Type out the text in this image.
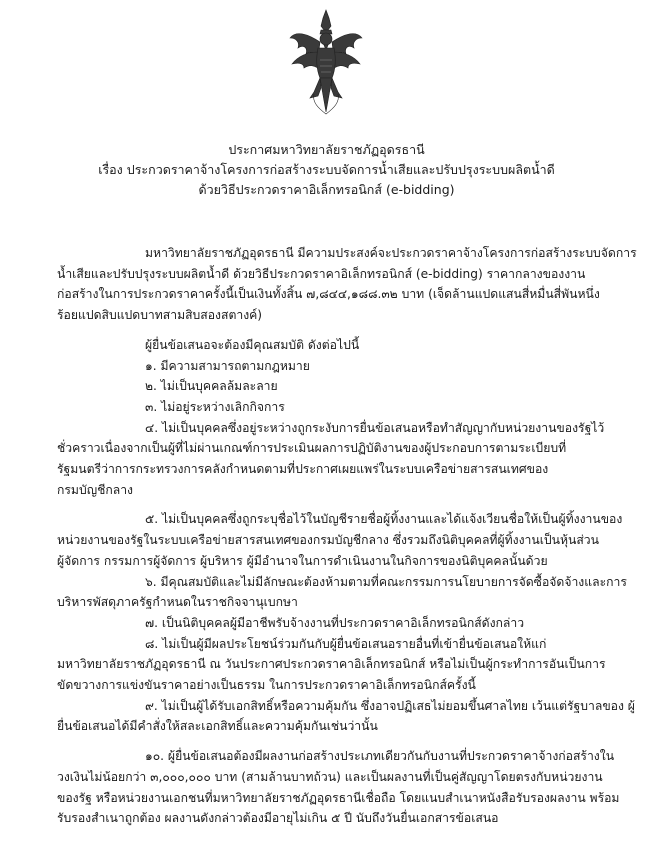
ประกาศมหาวิทยาลัยราชภัฏอุดรธานี
เรื่อง ประกวดราคาจ้างโครงการก่อสร้างระบบจัดการน้ำเสียและปรับปรุงระบบผลิตน้ำดี
ด้วยวิธีประกวดราคาอิเล็กทรอนิกส์ (e-bidding)

มหาวิทยาลัยราชภัฏอุดรธานี มีความประสงค์จะประกวดราคาจ้างโครงการก่อสร้างระบบจัดการ

น้ำเสียและปรับปรุงระบบผลิตน้ำดี ด้วยวิธีประกวดราคาอิเล็กทรอนิกส์ (e-bidding) ราคากลางของงาน

ก่อสร้างในการประกวดราคาครั้งนี้เป็นเงินทั้งสิ้น ๗,๘๔๔,๑๘๘.๓๒ บาท (เจ็ดล้านแปดแสนสี่หมื่นสี่พันหนึ่ง

ร้อยแปดสิบแปดบาทสามสิบสองสตางค์)

ผู้ยื่นข้อเสนอจะต้องมีคุณสมบัติ ดังต่อไปนี้

๑. มีความสามารถตามกฎหมาย

๒. ไม่เป็นบุคคลล้มละลาย

๓. ไม่อยู่ระหว่างเลิกกิจการ

๔. ไม่เป็นบุคคลซึ่งอยู่ระหว่างถูกระงับการยื่นข้อเสนอหรือทำสัญญากับหน่วยงานของรัฐไว้

ชั่วคราวเนื่องจากเป็นผู้ที่ไม่ผ่านเกณฑ์การประเมินผลการปฏิบัติงานของผู้ประกอบการตามระเบียบที่

รัฐมนตรีว่าการกระทรวงการคลังกำหนดตามที่ประกาศเผยแพร่ในระบบเครือข่ายสารสนเทศของ

กรมบัญชีกลาง

๕. ไม่เป็นบุคคลซึ่งถูกระบุชื่อไว้ในบัญชีรายชื่อผู้ทิ้งงานและได้แจ้งเวียนชื่อให้เป็นผู้ทิ้งงานของ

หน่วยงานของรัฐในระบบเครือข่ายสารสนเทศของกรมบัญชีกลาง ซึ่งรวมถึงนิติบุคคลที่ผู้ทิ้งงานเป็นหุ้นส่วน

ผู้จัดการ กรรมการผู้จัดการ ผู้บริหาร ผู้มีอำนาจในการดำเนินงานในกิจการของนิติบุคคลนั้นด้วย

๖. มีคุณสมบัติและไม่มีลักษณะต้องห้ามตามที่คณะกรรมการนโยบายการจัดซื้อจัดจ้างและการ

บริหารพัสดุภาครัฐกำหนดในราชกิจจานุเบกษา

๗. เป็นนิติบุคคลผู้มีอาชีพรับจ้างงานที่ประกวดราคาอิเล็กทรอนิกส์ดังกล่าว

๘. ไม่เป็นผู้มีผลประโยชน์ร่วมกันกับผู้ยื่นข้อเสนอรายอื่นที่เข้ายื่นข้อเสนอให้แก่

มหาวิทยาลัยราชภัฏอุดรธานี ณ วันประกาศประกวดราคาอิเล็กทรอนิกส์ หรือไม่เป็นผู้กระทำการอันเป็นการ

ขัดขวางการแข่งขันราคาอย่างเป็นธรรม ในการประกวดราคาอิเล็กทรอนิกส์ครั้งนี้

๙. ไม่เป็นผู้ได้รับเอกสิทธิ์หรือความคุ้มกัน ซึ่งอาจปฏิเสธไม่ยอมขึ้นศาลไทย เว้นแต่รัฐบาลของ ผู้

ยื่นข้อเสนอได้มีคำสั่งให้สละเอกสิทธิ์และความคุ้มกันเช่นว่านั้น

๑๐. ผู้ยื่นข้อเสนอต้องมีผลงานก่อสร้างประเภทเดียวกันกับงานที่ประกวดราคาจ้างก่อสร้างใน

วงเงินไม่น้อยกว่า ๓,๐๐๐,๐๐๐ บาท (สามล้านบาทถ้วน) และเป็นผลงานที่เป็นคู่สัญญาโดยตรงกับหน่วยงาน

ของรัฐ หรือหน่วยงานเอกชนที่มหาวิทยาลัยราชภัฏอุดรธานีเชื่อถือ โดยแนบสำเนาหนังสือรับรองผลงาน พร้อม

รับรองสำเนาถูกต้อง ผลงานดังกล่าวต้องมีอายุไม่เกิน ๕ ปี นับถึงวันยื่นเอกสารข้อเสนอ
